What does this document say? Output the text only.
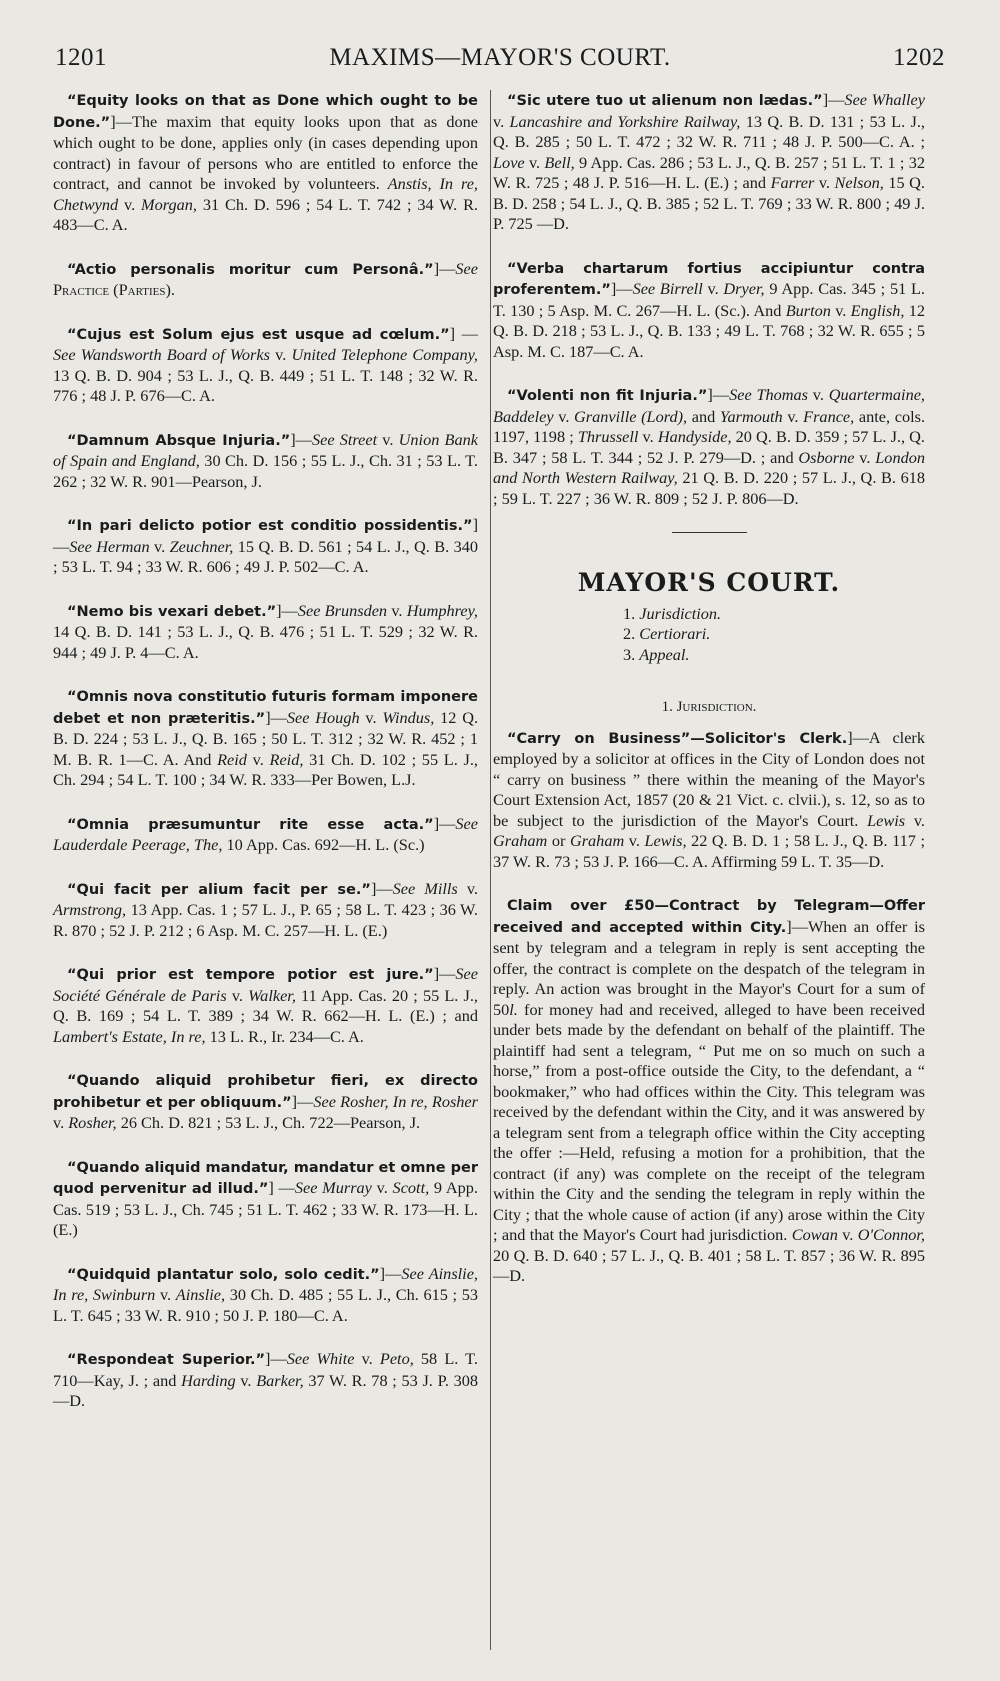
1201	MAXIMS—MAYOR'S COURT.	1202

“Equity looks on that as Done which ought to be Done.”]—The maxim that equity looks upon that as done which ought to be done, applies only (in cases depending upon contract) in favour of persons who are entitled to enforce the contract, and cannot be invoked by volunteers. Anstis, In re, Chetwynd v. Morgan, 31 Ch. D. 596 ; 54 L. T. 742 ; 34 W. R. 483—C. A.

“Actio personalis moritur cum Personâ.”]—See Practice (Parties).

“Cujus est Solum ejus est usque ad cœlum.”] —See Wandsworth Board of Works v. United Telephone Company, 13 Q. B. D. 904 ; 53 L. J., Q. B. 449 ; 51 L. T. 148 ; 32 W. R. 776 ; 48 J. P. 676—C. A.

“Damnum Absque Injuria.”]—See Street v. Union Bank of Spain and England, 30 Ch. D. 156 ; 55 L. J., Ch. 31 ; 53 L. T. 262 ; 32 W. R. 901—Pearson, J.

“In pari delicto potior est conditio possidentis.”]—See Herman v. Zeuchner, 15 Q. B. D. 561 ; 54 L. J., Q. B. 340 ; 53 L. T. 94 ; 33 W. R. 606 ; 49 J. P. 502—C. A.

“Nemo bis vexari debet.”]—See Brunsden v. Humphrey, 14 Q. B. D. 141 ; 53 L. J., Q. B. 476 ; 51 L. T. 529 ; 32 W. R. 944 ; 49 J. P. 4—C. A.

“Omnis nova constitutio futuris formam imponere debet et non præteritis.”]—See Hough v. Windus, 12 Q. B. D. 224 ; 53 L. J., Q. B. 165 ; 50 L. T. 312 ; 32 W. R. 452 ; 1 M. B. R. 1—C. A. And Reid v. Reid, 31 Ch. D. 102 ; 55 L. J., Ch. 294 ; 54 L. T. 100 ; 34 W. R. 333—Per Bowen, L.J.

“Omnia præsumuntur rite esse acta.”]—See Lauderdale Peerage, The, 10 App. Cas. 692—H. L. (Sc.)

“Qui facit per alium facit per se.”]—See Mills v. Armstrong, 13 App. Cas. 1 ; 57 L. J., P. 65 ; 58 L. T. 423 ; 36 W. R. 870 ; 52 J. P. 212 ; 6 Asp. M. C. 257—H. L. (E.)

“Qui prior est tempore potior est jure.”]—See Société Générale de Paris v. Walker, 11 App. Cas. 20 ; 55 L. J., Q. B. 169 ; 54 L. T. 389 ; 34 W. R. 662—H. L. (E.) ; and Lambert's Estate, In re, 13 L. R., Ir. 234—C. A.

“Quando aliquid prohibetur fieri, ex directo prohibetur et per obliquum.”]—See Rosher, In re, Rosher v. Rosher, 26 Ch. D. 821 ; 53 L. J., Ch. 722—Pearson, J.

“Quando aliquid mandatur, mandatur et omne per quod pervenitur ad illud.”] —See Murray v. Scott, 9 App. Cas. 519 ; 53 L. J., Ch. 745 ; 51 L. T. 462 ; 33 W. R. 173—H. L. (E.)

“Quidquid plantatur solo, solo cedit.”]—See Ainslie, In re, Swinburn v. Ainslie, 30 Ch. D. 485 ; 55 L. J., Ch. 615 ; 53 L. T. 645 ; 33 W. R. 910 ; 50 J. P. 180—C. A.

“Respondeat Superior.”]—See White v. Peto, 58 L. T. 710—Kay, J. ; and Harding v. Barker, 37 W. R. 78 ; 53 J. P. 308—D.

“Sic utere tuo ut alienum non lædas.”]—See Whalley v. Lancashire and Yorkshire Railway, 13 Q. B. D. 131 ; 53 L. J., Q. B. 285 ; 50 L. T. 472 ; 32 W. R. 711 ; 48 J. P. 500—C. A. ; Love v. Bell, 9 App. Cas. 286 ; 53 L. J., Q. B. 257 ; 51 L. T. 1 ; 32 W. R. 725 ; 48 J. P. 516—H. L. (E.) ; and Farrer v. Nelson, 15 Q. B. D. 258 ; 54 L. J., Q. B. 385 ; 52 L. T. 769 ; 33 W. R. 800 ; 49 J. P. 725 —D.

“Verba chartarum fortius accipiuntur contra proferentem.”]—See Birrell v. Dryer, 9 App. Cas. 345 ; 51 L. T. 130 ; 5 Asp. M. C. 267—H. L. (Sc.). And Burton v. English, 12 Q. B. D. 218 ; 53 L. J., Q. B. 133 ; 49 L. T. 768 ; 32 W. R. 655 ; 5 Asp. M. C. 187—C. A.

“Volenti non fit Injuria.”]—See Thomas v. Quartermaine, Baddeley v. Granville (Lord), and Yarmouth v. France, ante, cols. 1197, 1198 ; Thrussell v. Handyside, 20 Q. B. D. 359 ; 57 L. J., Q. B. 347 ; 58 L. T. 344 ; 52 J. P. 279—D. ; and Osborne v. London and North Western Railway, 21 Q. B. D. 220 ; 57 L. J., Q. B. 618 ; 59 L. T. 227 ; 36 W. R. 809 ; 52 J. P. 806—D.

MAYOR'S COURT.
1. Jurisdiction.
2. Certiorari.
3. Appeal.
1. Jurisdiction.

“Carry on Business”—Solicitor's Clerk.]—A clerk employed by a solicitor at offices in the City of London does not “ carry on business ” there within the meaning of the Mayor's Court Extension Act, 1857 (20 & 21 Vict. c. clvii.), s. 12, so as to be subject to the jurisdiction of the Mayor's Court. Lewis v. Graham or Graham v. Lewis, 22 Q. B. D. 1 ; 58 L. J., Q. B. 117 ; 37 W. R. 73 ; 53 J. P. 166—C. A. Affirming 59 L. T. 35—D.

Claim over £50—Contract by Telegram—Offer received and accepted within City.]—When an offer is sent by telegram and a telegram in reply is sent accepting the offer, the contract is complete on the despatch of the telegram in reply. An action was brought in the Mayor's Court for a sum of 50l. for money had and received, alleged to have been received under bets made by the defendant on behalf of the plaintiff. The plaintiff had sent a telegram, “ Put me on so much on such a horse,” from a post-office outside the City, to the defendant, a “ bookmaker,” who had offices within the City. This telegram was received by the defendant within the City, and it was answered by a telegram sent from a telegraph office within the City accepting the offer :—Held, refusing a motion for a prohibition, that the contract (if any) was complete on the receipt of the telegram within the City and the sending the telegram in reply within the City ; that the whole cause of action (if any) arose within the City ; and that the Mayor's Court had jurisdiction. Cowan v. O'Connor, 20 Q. B. D. 640 ; 57 L. J., Q. B. 401 ; 58 L. T. 857 ; 36 W. R. 895—D.
